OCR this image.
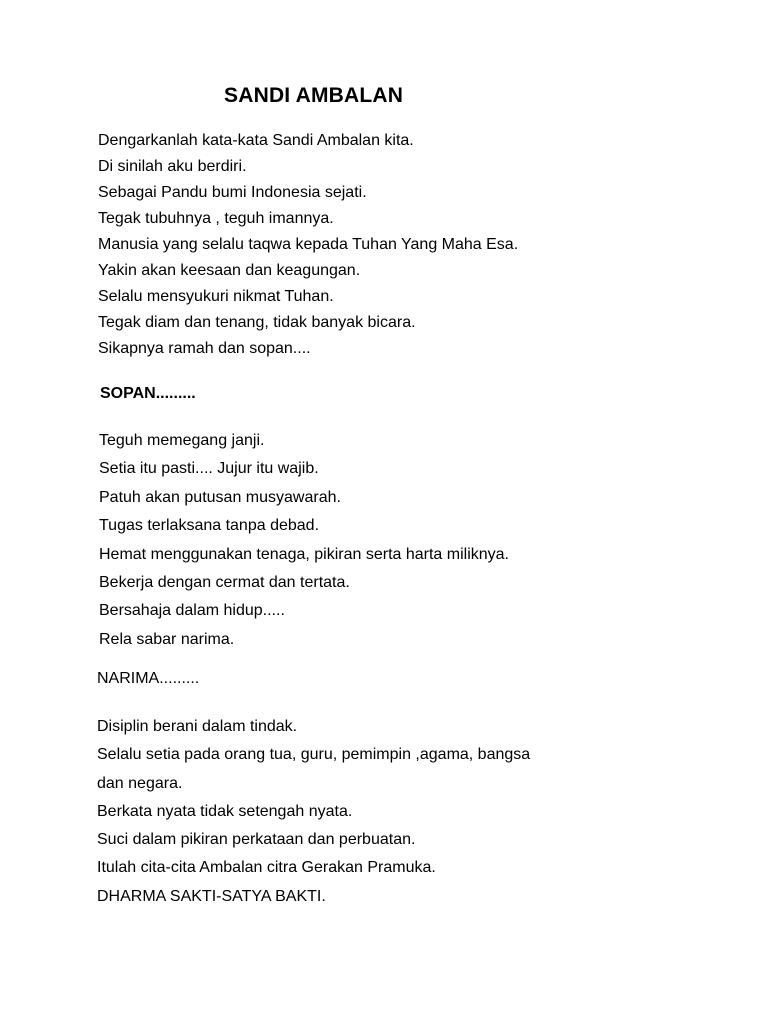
SANDI AMBALAN
Dengarkanlah kata-kata Sandi Ambalan kita.
Di sinilah aku berdiri.
Sebagai Pandu bumi Indonesia sejati.
Tegak tubuhnya , teguh imannya.
Manusia yang selalu taqwa kepada Tuhan Yang Maha Esa.
Yakin akan keesaan dan keagungan.
Selalu mensyukuri nikmat Tuhan.
Tegak diam dan tenang, tidak banyak bicara.
Sikapnya ramah dan sopan....
SOPAN.........
Teguh memegang janji.
Setia itu pasti.... Jujur itu wajib.
Patuh akan putusan musyawarah.
Tugas terlaksana tanpa debad.
Hemat menggunakan tenaga, pikiran serta harta miliknya.
Bekerja dengan cermat dan tertata.
Bersahaja dalam hidup.....
Rela sabar narima.
NARIMA.........
Disiplin berani dalam tindak.
Selalu setia pada orang tua, guru, pemimpin ,agama, bangsa
dan negara.
Berkata nyata tidak setengah nyata.
Suci dalam pikiran perkataan dan perbuatan.
Itulah cita-cita Ambalan citra Gerakan Pramuka.
DHARMA SAKTI-SATYA BAKTI.
